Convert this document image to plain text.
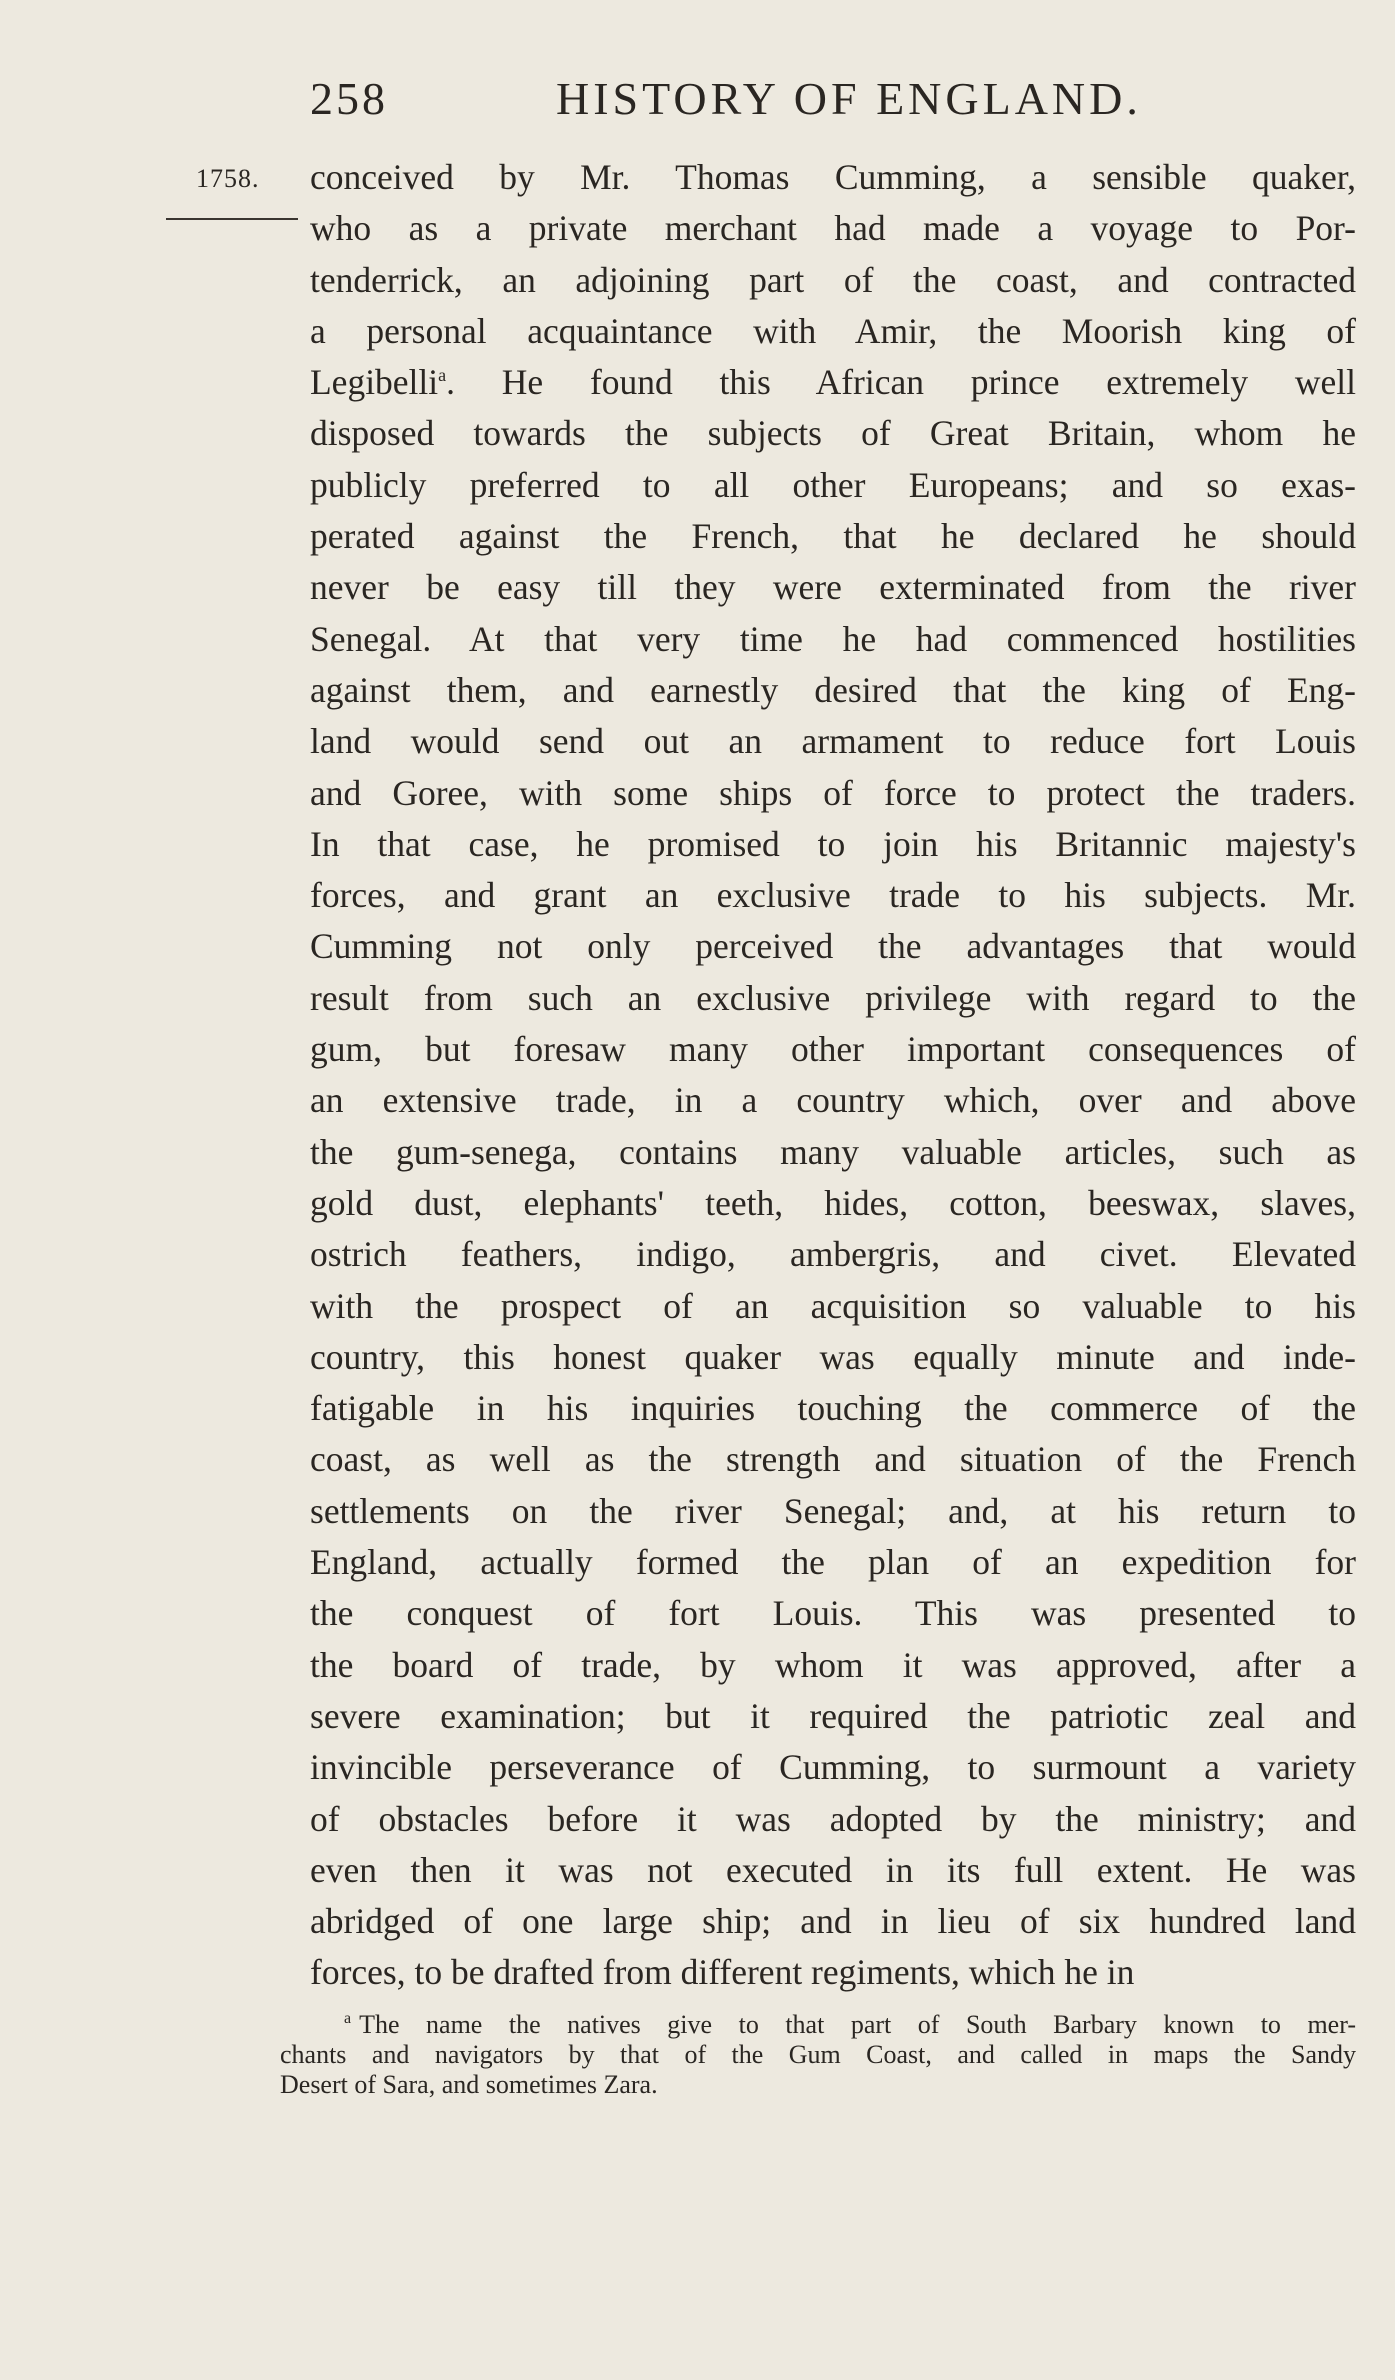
258	HISTORY OF ENGLAND.
1758. conceived by Mr. Thomas Cumming, a sensible quaker,
who as a private merchant had made a voyage to Por-
tenderrick, an adjoining part of the coast, and contracted
a personal acquaintance with Amir, the Moorish king of
Legibelli$^a$. He found this African prince extremely well
disposed towards the subjects of Great Britain, whom he
publicly preferred to all other Europeans; and so exas-
perated against the French, that he declared he should
never be easy till they were exterminated from the river
Senegal. At that very time he had commenced hostilities
against them, and earnestly desired that the king of Eng-
land would send out an armament to reduce fort Louis
and Goree, with some ships of force to protect the traders.
In that case, he promised to join his Britannic majesty's
forces, and grant an exclusive trade to his subjects. Mr.
Cumming not only perceived the advantages that would
result from such an exclusive privilege with regard to the
gum, but foresaw many other important consequences of
an extensive trade, in a country which, over and above
the gum-senega, contains many valuable articles, such as
gold dust, elephants' teeth, hides, cotton, beeswax, slaves,
ostrich feathers, indigo, ambergris, and civet. Elevated
with the prospect of an acquisition so valuable to his
country, this honest quaker was equally minute and inde-
fatigable in his inquiries touching the commerce of the
coast, as well as the strength and situation of the French
settlements on the river Senegal; and, at his return to
England, actually formed the plan of an expedition for
the conquest of fort Louis. This was presented to
the board of trade, by whom it was approved, after a
severe examination; but it required the patriotic zeal and
invincible perseverance of Cumming, to surmount a variety
of obstacles before it was adopted by the ministry; and
even then it was not executed in its full extent. He was
abridged of one large ship; and in lieu of six hundred land
forces, to be drafted from different regiments, which he in
$^a$ The name the natives give to that part of South Barbary known to mer-
chants and navigators by that of the Gum Coast, and called in maps the Sandy
Desert of Sara, and sometimes Zara.
